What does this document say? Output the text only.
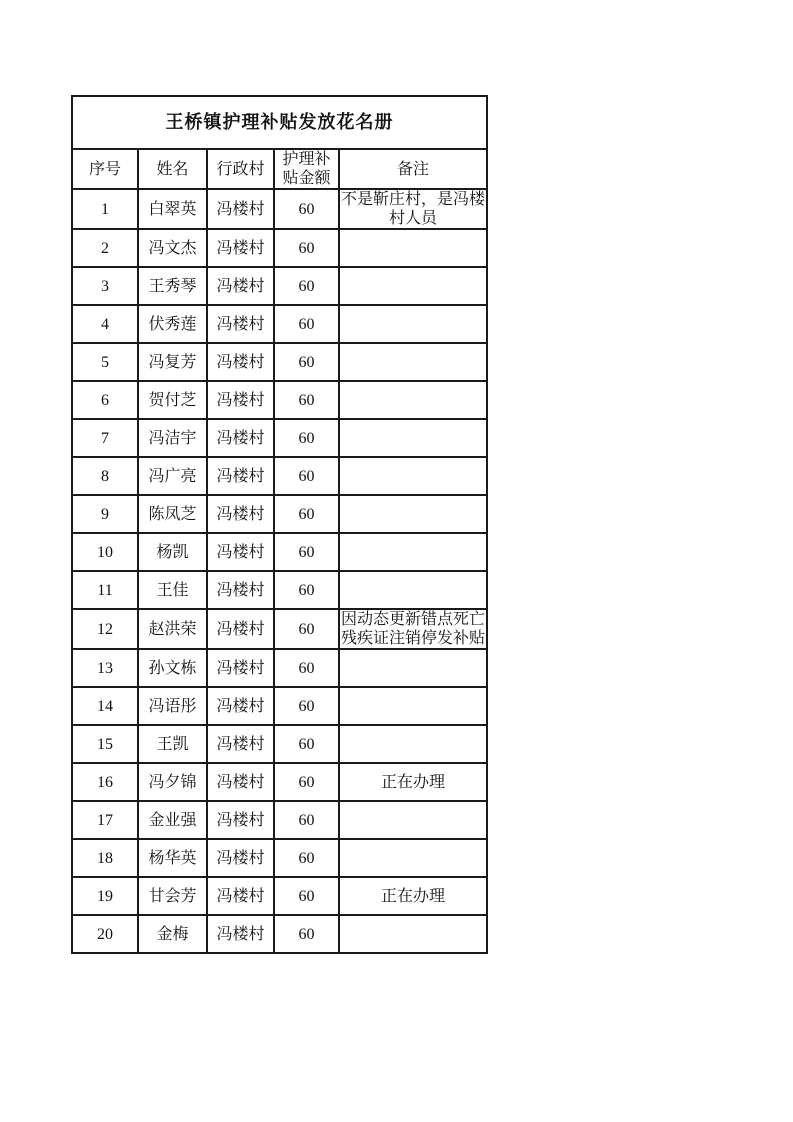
王桥镇护理补贴发放花名册				
序号	姓名	行政村	护理补贴金额	备注
1	白翠英	冯楼村	60	不是靳庄村，是冯楼村人员
2	冯文杰	冯楼村	60	
3	王秀琴	冯楼村	60	
4	伏秀莲	冯楼村	60	
5	冯复芳	冯楼村	60	
6	贺付芝	冯楼村	60	
7	冯洁宇	冯楼村	60	
8	冯广亮	冯楼村	60	
9	陈凤芝	冯楼村	60	
10	杨凯	冯楼村	60	
11	王佳	冯楼村	60	
12	赵洪荣	冯楼村	60	因动态更新错点死亡残疾证注销停发补贴
13	孙文栋	冯楼村	60	
14	冯语彤	冯楼村	60	
15	王凯	冯楼村	60	
16	冯夕锦	冯楼村	60	正在办理
17	金业强	冯楼村	60	
18	杨华英	冯楼村	60	
19	甘会芳	冯楼村	60	正在办理
20	金梅	冯楼村	60	
